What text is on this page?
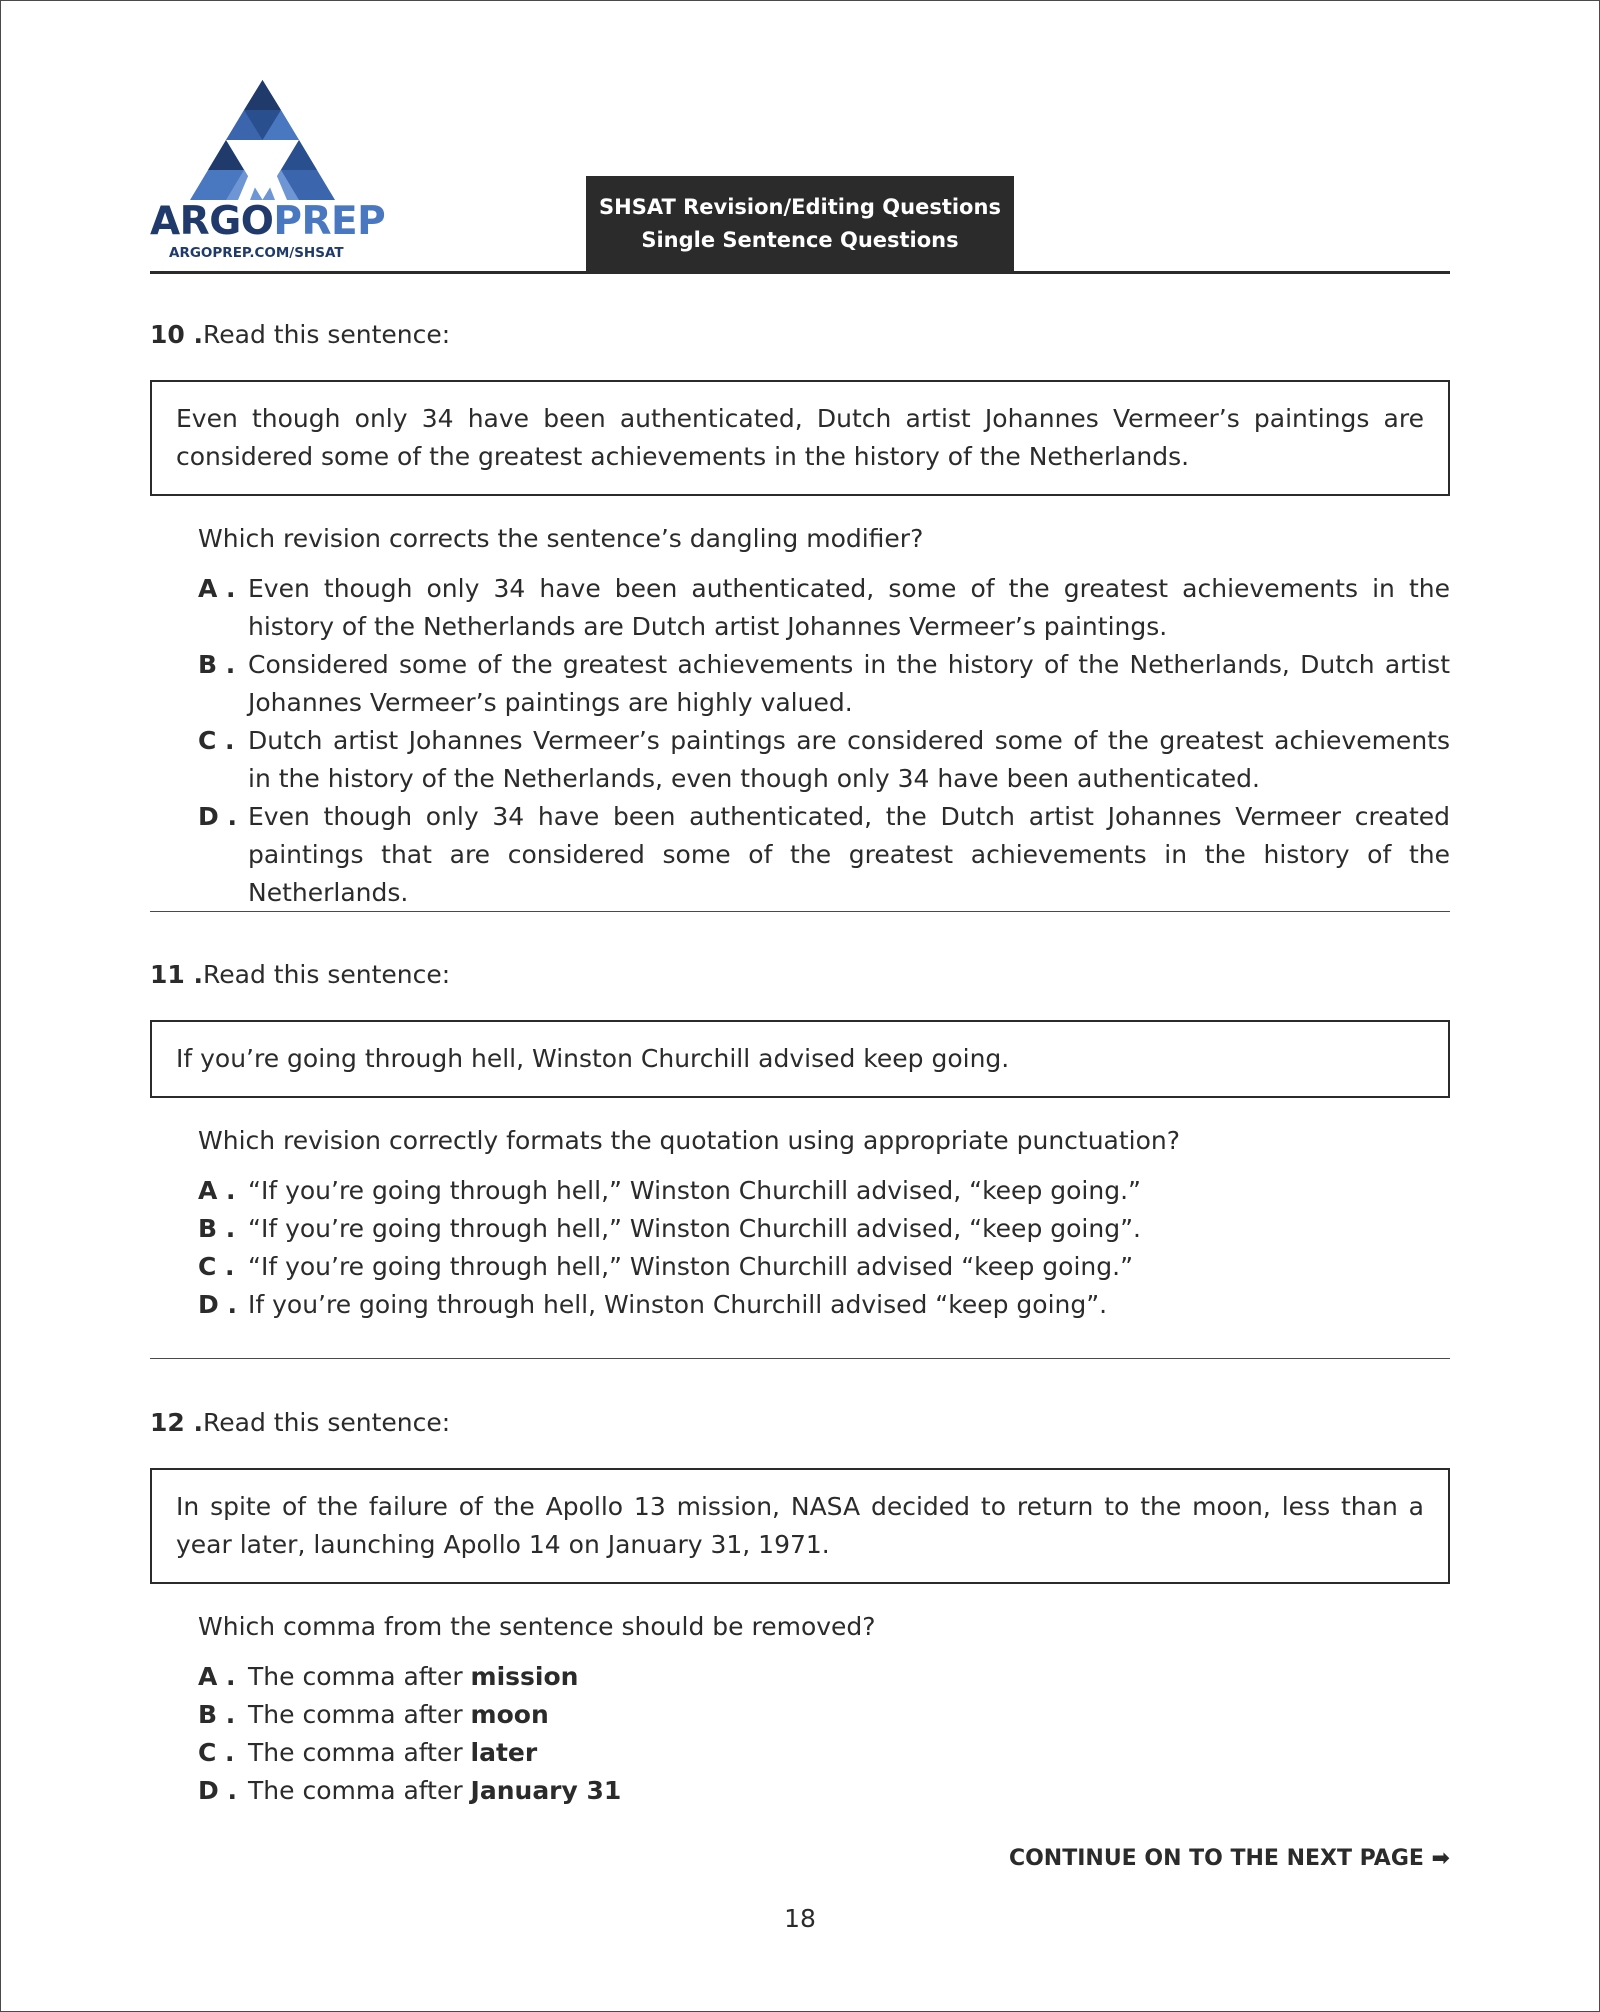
ARGOPREP
ARGOPREP.COM/SHSAT
SHSAT Revision/Editing Questions
Single Sentence Questions
10 .Read this sentence:
Even though only 34 have been authenticated, Dutch artist Johannes Vermeer’s paintings are considered some of the greatest achievements in the history of the Netherlands.
Which revision corrects the sentence’s dangling modifier?
A . Even though only 34 have been authenticated, some of the greatest achievements in the history of the Netherlands are Dutch artist Johannes Vermeer’s paintings.
B . Considered some of the greatest achievements in the history of the Netherlands, Dutch artist Johannes Vermeer’s paintings are highly valued.
C . Dutch artist Johannes Vermeer’s paintings are considered some of the greatest achievements in the history of the Netherlands, even though only 34 have been authenticated.
D . Even though only 34 have been authenticated, the Dutch artist Johannes Vermeer created paintings that are considered some of the greatest achievements in the history of the Netherlands.
11 .Read this sentence:
If you’re going through hell, Winston Churchill advised keep going.
Which revision correctly formats the quotation using appropriate punctuation?
A . “If you’re going through hell,” Winston Churchill advised, “keep going.”
B . “If you’re going through hell,” Winston Churchill advised, “keep going”.
C . “If you’re going through hell,” Winston Churchill advised “keep going.”
D . If you’re going through hell, Winston Churchill advised “keep going”.
12 .Read this sentence:
In spite of the failure of the Apollo 13 mission, NASA decided to return to the moon, less than a year later, launching Apollo 14 on January 31, 1971.
Which comma from the sentence should be removed?
A . The comma after mission
B . The comma after moon
C . The comma after later
D . The comma after January 31
CONTINUE ON TO THE NEXT PAGE ➡
18
